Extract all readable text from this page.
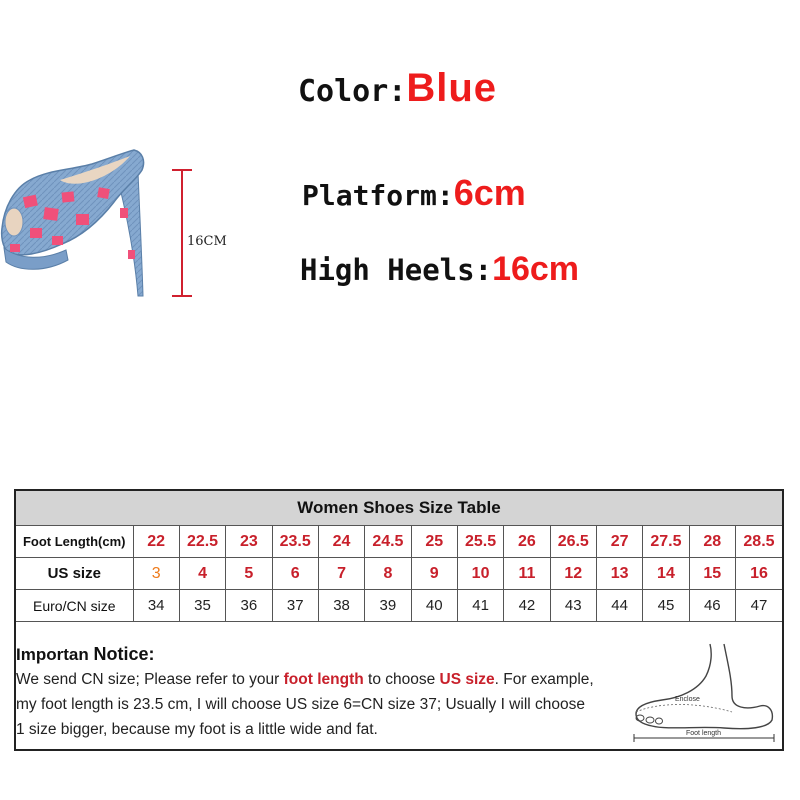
Color:Blue
Platform:6cm
High Heels:16cm
16CM
Women Shoes Size Table														
Foot Length(cm)	22	22.5	23	23.5	24	24.5	25	25.5	26	26.5	27	27.5	28	28.5
US size	3	4	5	6	7	8	9	10	11	12	13	14	15	16
Euro/CN size	34	35	36	37	38	39	40	41	42	43	44	45	46	47
Importan Notice:
We send CN size; Please refer to your foot length to choose US size. For example,
my foot length is 23.5 cm, I will choose US size 6=CN size 37; Usually I will choose
1 size bigger, because my foot is a little wide and fat.
Enclose
Foot length
